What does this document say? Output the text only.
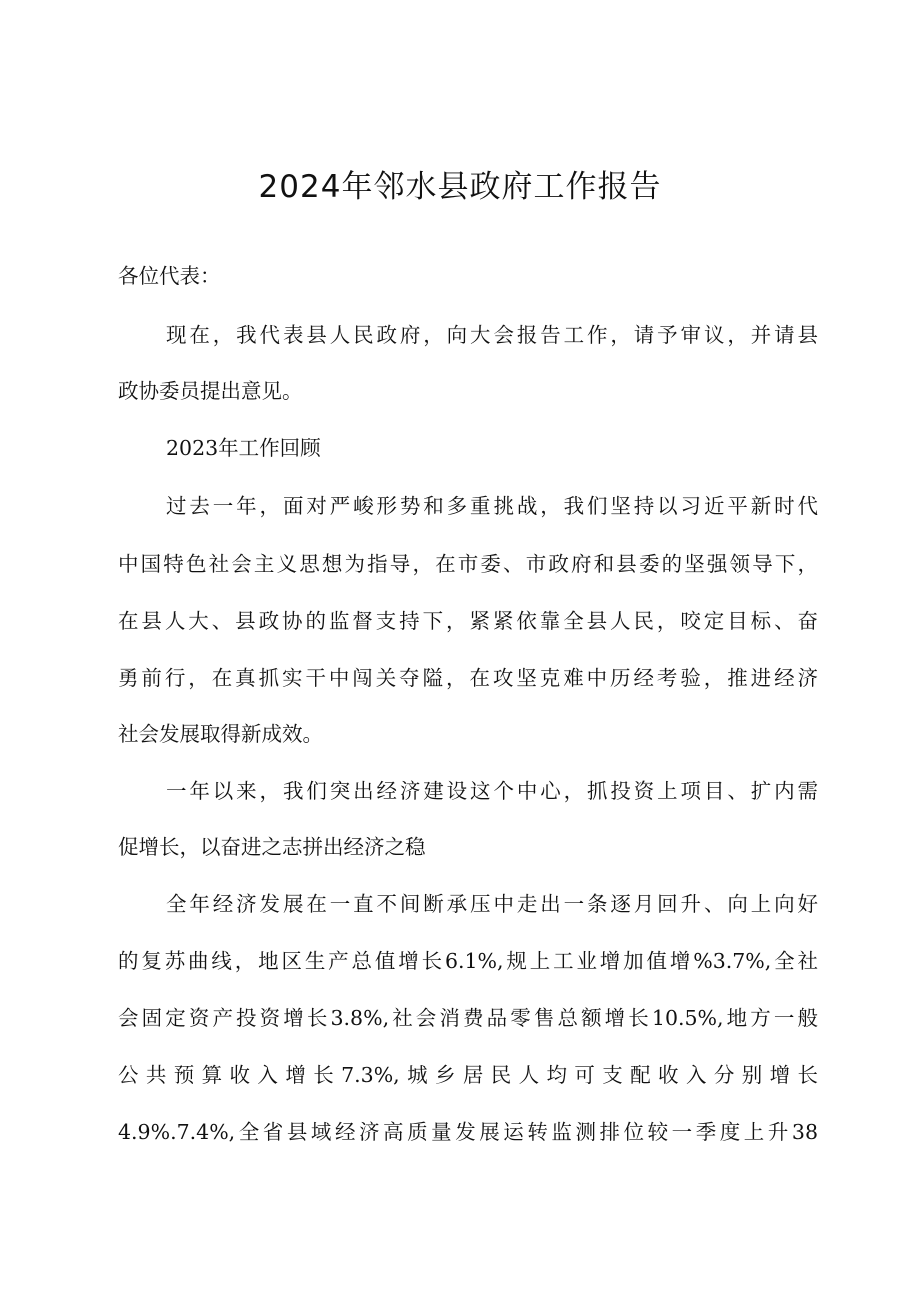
2024年邻水县政府工作报告
各位代表：
现在，我代表县人民政府，向大会报告工作，请予审议，并请县
政协委员提出意见。
2023年工作回顾
过去一年，面对严峻形势和多重挑战，我们坚持以习近平新时代
中国特色社会主义思想为指导，在市委、市政府和县委的坚强领导下，
在县人大、县政协的监督支持下，紧紧依靠全县人民，咬定目标、奋
勇前行，在真抓实干中闯关夺隘，在攻坚克难中历经考验，推进经济
社会发展取得新成效。
一年以来，我们突出经济建设这个中心，抓投资上项目、扩内需
促增长，以奋进之志拼出经济之稳
全年经济发展在一直不间断承压中走出一条逐月回升、向上向好
的复苏曲线，地区生产总值增长6.1%,规上工业增加值增%3.7%,全社
会固定资产投资增长3.8%,社会消费品零售总额增长10.5%,地方一般
公共预算收入增长7.3%,城乡居民人均可支配收入分别增长
4.9%.7.4%,全省县域经济高质量发展运转监测排位较一季度上升38
